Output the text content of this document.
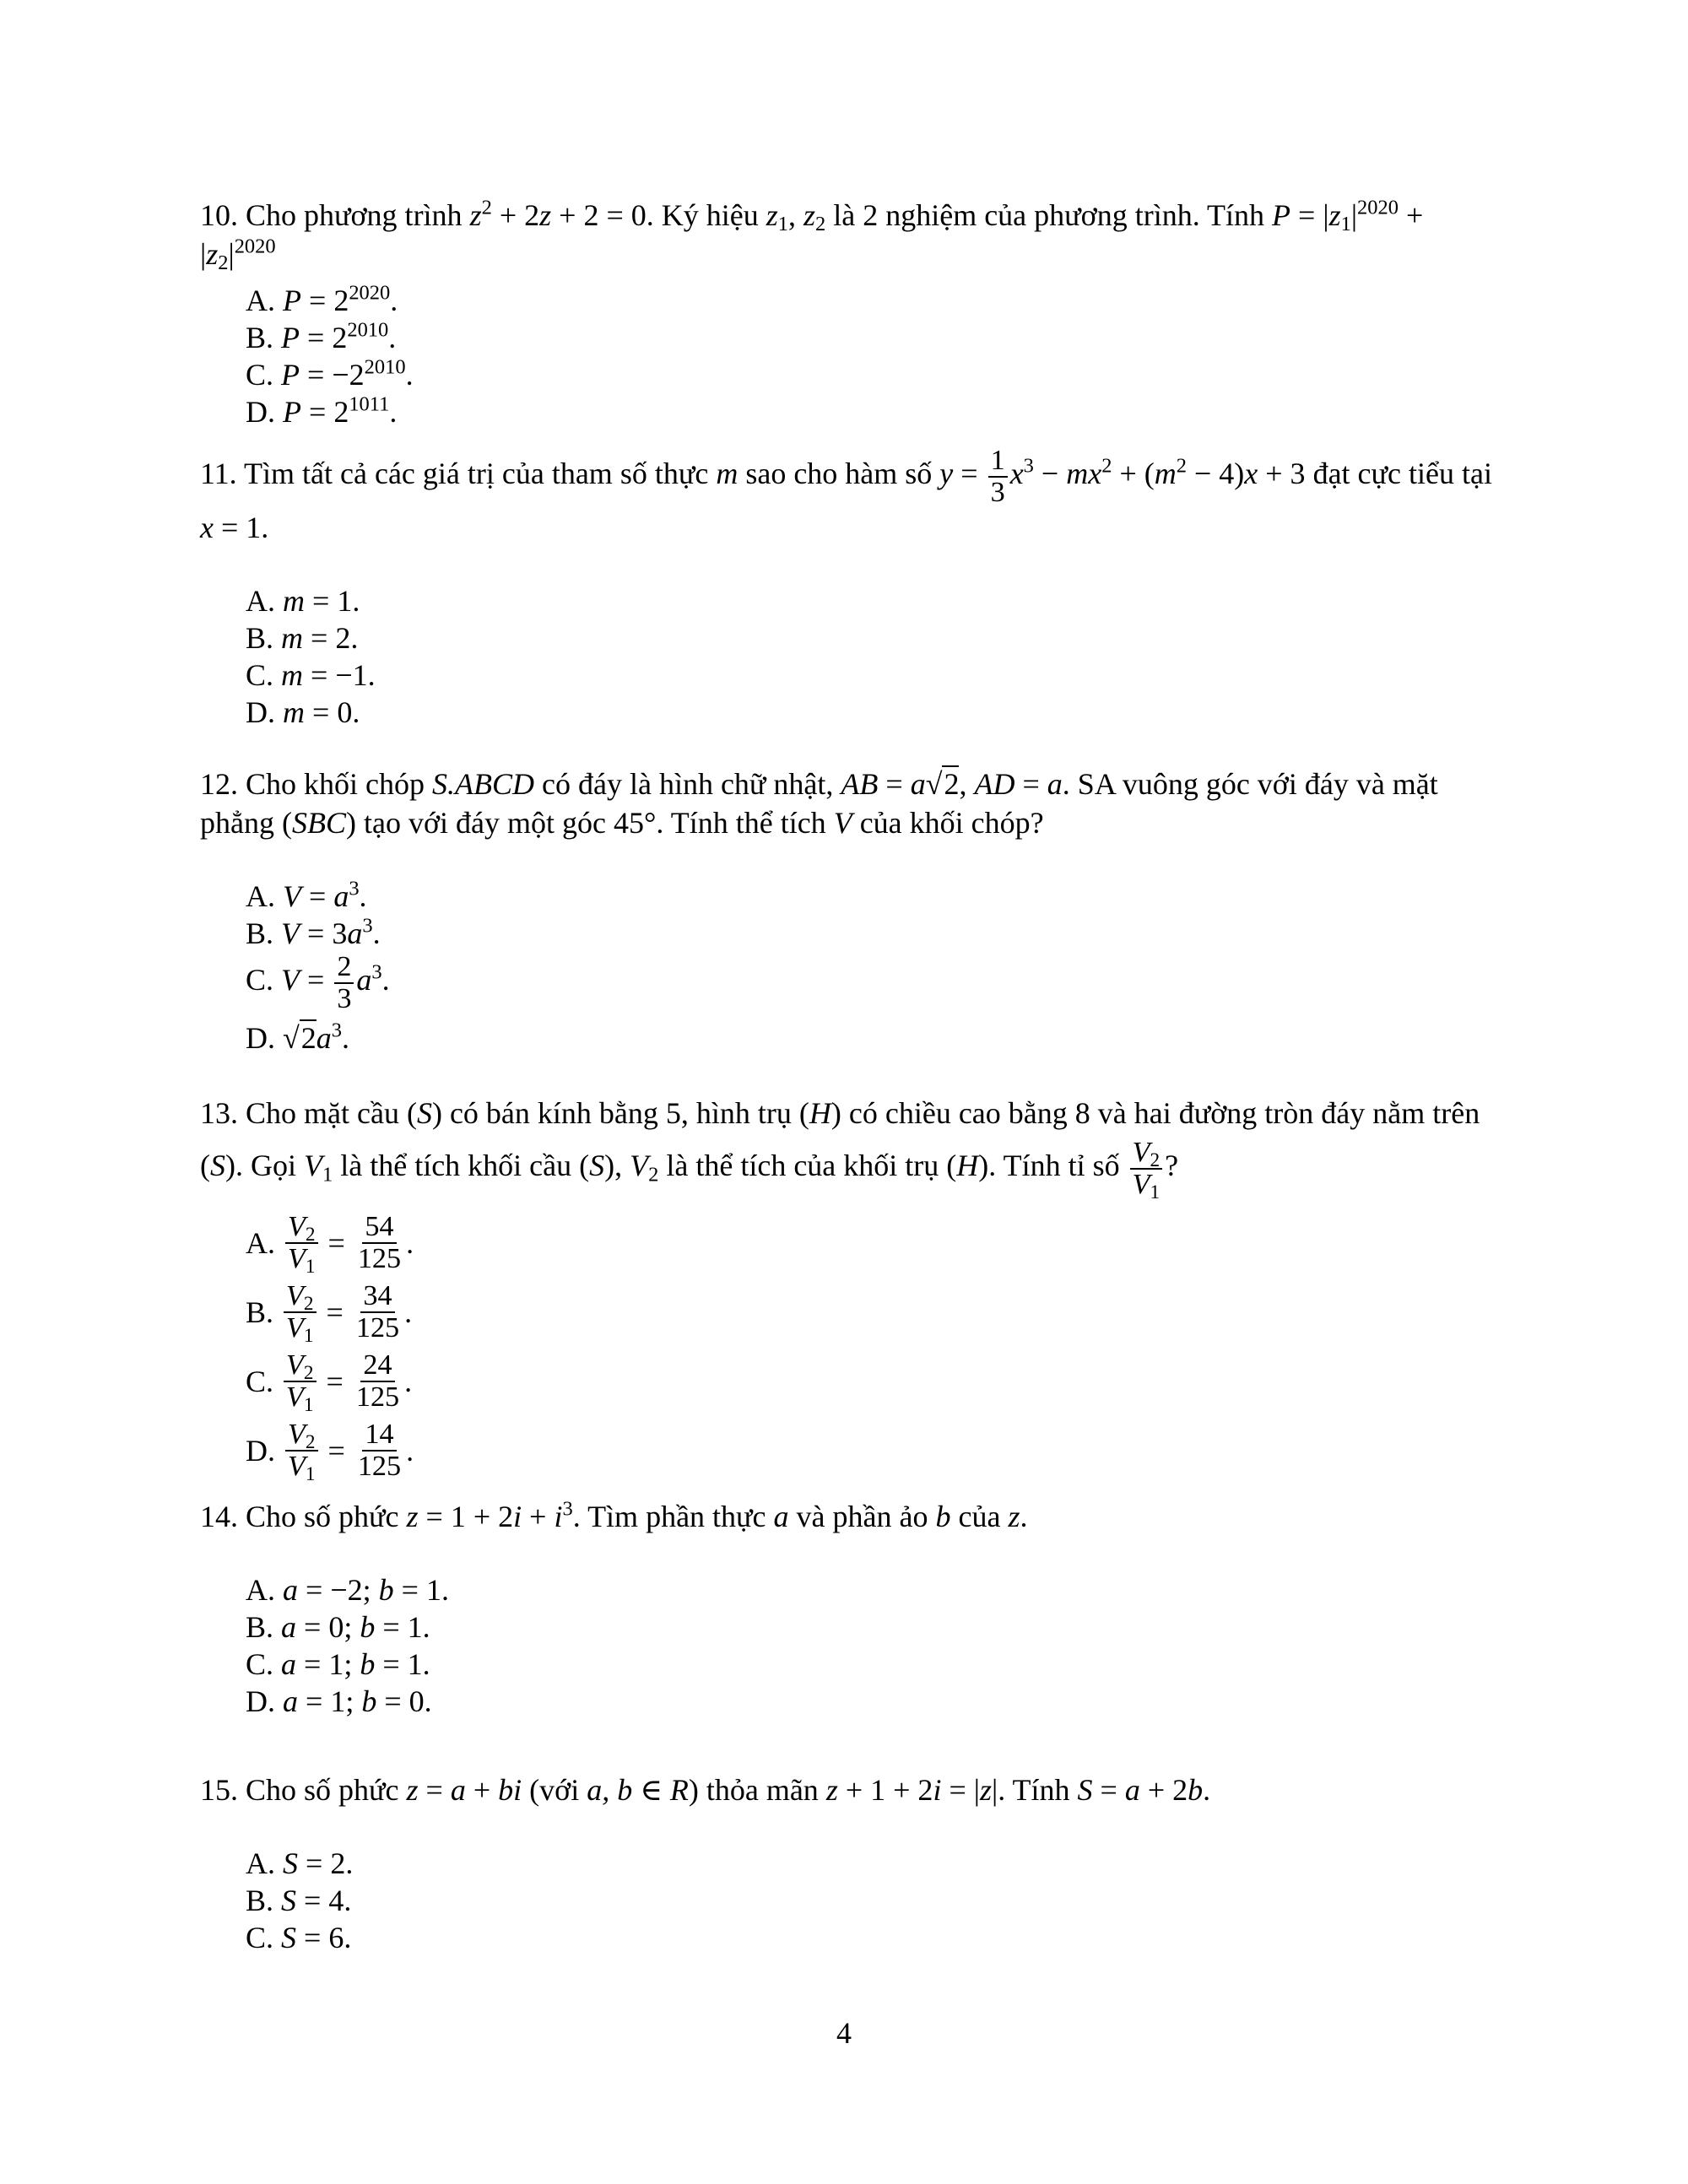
10. Cho phương trình $z^2 + 2z + 2 = 0$. Ký hiệu $z_1$, $z_2$ là 2 nghiệm của phương trình. Tính $P = |z_1|^{2020} + |z_2|^{2020}$
A. $P = 2^{2020}$.
B. $P = 2^{2010}$.
C. $P = -2^{2010}$.
D. $P = 2^{1011}$.
11. Tìm tất cả các giá trị của tham số thực m sao cho hàm số $y = \frac{1}{3} x^3 - mx^2 + (m^2 - 4)x + 3$ đạt cực tiểu tại x = 1.
A. m = 1.
B. m = 2.
C. m = −1.
D. m = 0.
12. Cho khối chóp S.ABCD có đáy là hình chữ nhật, AB = a√2, AD = a. SA vuông góc với đáy và mặt phẳng (SBC) tạo với đáy một góc 45°. Tính thể tích V của khối chóp?
A. $V = a^3$.
B. $V = 3a^3$.
C. $V = \frac{2}{3} a^3$.
D. $√2a^3$.
13. Cho mặt cầu (S) có bán kính bằng 5, hình trụ (H) có chiều cao bằng 8 và hai đường tròn đáy nằm trên (S). Gọi $V_1$ là thể tích khối cầu (S), $V_2$ là thể tích của khối trụ (H). Tính tỉ số $\frac{V_2}{V_1}$ ?
A.
$\frac{V_2}{V_1} = \frac{54}{125}$ .
B.
$\frac{V_2}{V_1} = \frac{34}{125}$ .
C.
$\frac{V_2}{V_1} = \frac{24}{125}$ .
D.
$\frac{V_2}{V_1} = \frac{14}{125}$ .
14. Cho số phức $z = 1 + 2i + i^3$. Tìm phần thực a và phần ảo b của z.
A. a = −2; b = 1.
B. a = 0; b = 1.
C. a = 1; b = 1.
D. a = 1; b = 0.
15. Cho số phức z = a + bi (với a, b ∈ R) thỏa mãn z + 1 + 2i = |z|. Tính S = a + 2b.
A. S = 2.
B. S = 4.
C. S = 6.
4
